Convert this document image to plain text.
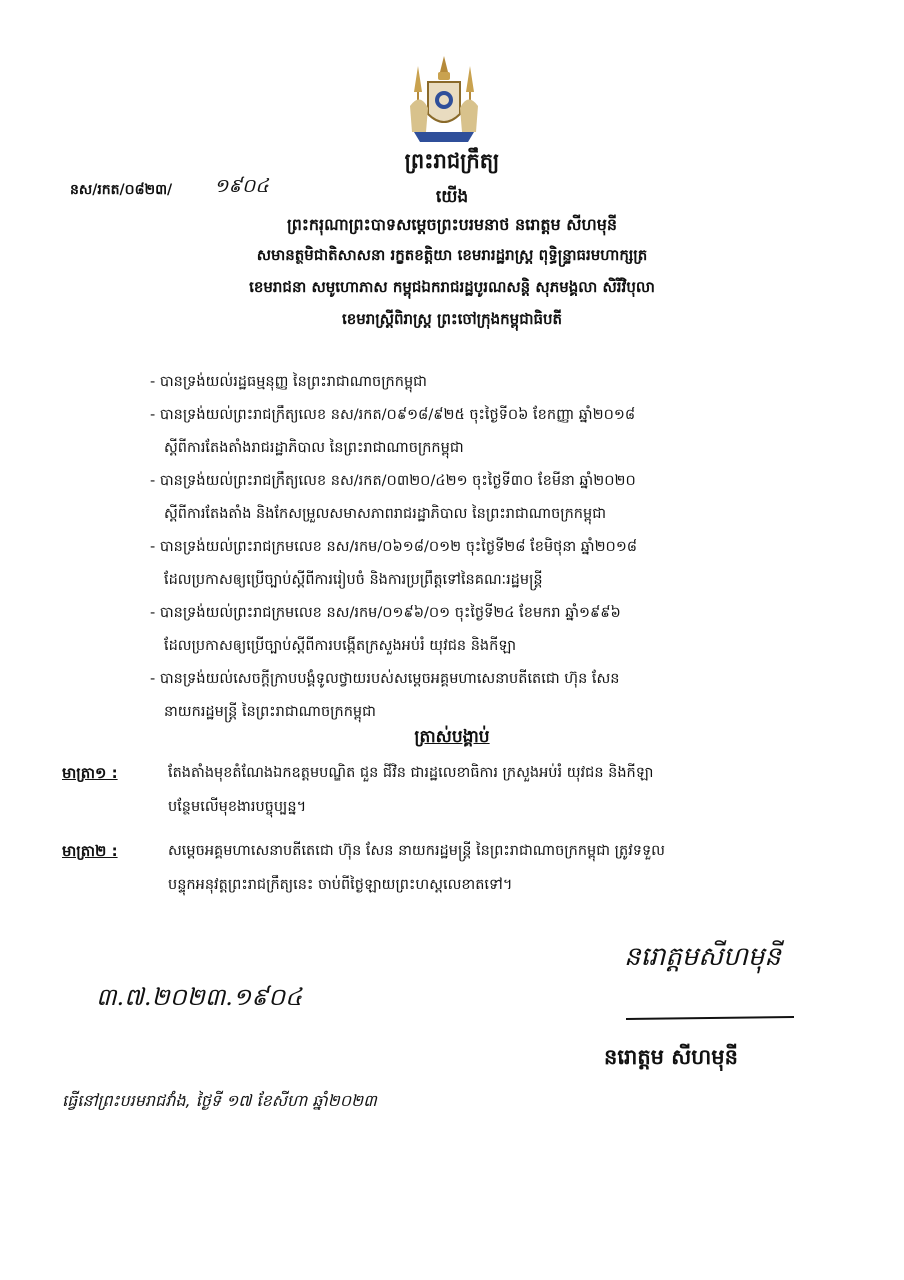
ព្រះរាជក្រឹត្យ
នស/រកត/០៨២៣/ ១៩០៤	យើង
ព្រះករុណាព្រះបាទសម្តេចព្រះបរមនាថ នរោត្តម សីហមុនី
សមានត្ថមិជាតិសាសនា រក្ខតខត្តិយា ខេមរារដ្ឋរាស្ត្រ ពុទ្ធិន្ទ្រាធរមហាក្សត្រ
ខេមរាជនា សមូហោភាស កម្ពុជឯករាជរដ្ឋបូរណសន្តិ សុភមង្គលា សិរីវិបុលា
ខេមរាស្ត្រីពិរាស្ត្រ ព្រះចៅក្រុងកម្ពុជាធិបតី
- បានទ្រង់យល់រដ្ឋធម្មនុញ្ញ នៃព្រះរាជាណាចក្រកម្ពុជា
- បានទ្រង់យល់ព្រះរាជក្រឹត្យលេខ នស/រកត/០៩១៨/៩២៥ ចុះថ្ងៃទី០៦ ខែកញ្ញា ឆ្នាំ២០១៨
ស្តីពីការតែងតាំងរាជរដ្ឋាភិបាល នៃព្រះរាជាណាចក្រកម្ពុជា
- បានទ្រង់យល់ព្រះរាជក្រឹត្យលេខ នស/រកត/០៣២០/៤២១ ចុះថ្ងៃទី៣០ ខែមីនា ឆ្នាំ២០២០
ស្តីពីការតែងតាំង និងកែសម្រួលសមាសភាពរាជរដ្ឋាភិបាល នៃព្រះរាជាណាចក្រកម្ពុជា
- បានទ្រង់យល់ព្រះរាជក្រមលេខ នស/រកម/០៦១៨/០១២ ចុះថ្ងៃទី២៨ ខែមិថុនា ឆ្នាំ២០១៨
ដែលប្រកាសឲ្យប្រើច្បាប់ស្តីពីការរៀបចំ និងការប្រព្រឹត្តទៅនៃគណៈរដ្ឋមន្ត្រី
- បានទ្រង់យល់ព្រះរាជក្រមលេខ នស/រកម/០១៩៦/០១ ចុះថ្ងៃទី២៤ ខែមករា ឆ្នាំ១៩៩៦
ដែលប្រកាសឲ្យប្រើច្បាប់ស្តីពីការបង្កើតក្រសួងអប់រំ យុវជន និងកីឡា
- បានទ្រង់យល់សេចក្តីក្រាបបង្គំទូលថ្វាយរបស់សម្តេចអគ្គមហាសេនាបតីតេជោ ហ៊ុន សែន
នាយករដ្ឋមន្ត្រី នៃព្រះរាជាណាចក្រកម្ពុជា
ត្រាស់បង្គាប់
មាត្រា១ :	តែងតាំងមុខតំណែងឯកឧត្តមបណ្ឌិត ជួន ជីវិន ជារដ្ឋលេខាធិការ ក្រសួងអប់រំ យុវជន និងកីឡា
បន្ថែមលើមុខងារបច្ចុប្បន្ន។
មាត្រា២ :	សម្តេចអគ្គមហាសេនាបតីតេជោ ហ៊ុន សែន នាយករដ្ឋមន្ត្រី នៃព្រះរាជាណាចក្រកម្ពុជា ត្រូវទទួល
បន្ទុកអនុវត្តព្រះរាជក្រឹត្យនេះ ចាប់ពីថ្ងៃឡាយព្រះហស្តលេខាតទៅ។
៣.៧.២០២៣.១៩០៤
នរោត្តមសីហមុនី
នរោត្តម សីហមុនី
ធ្វើនៅព្រះបរមរាជវាំង, ថ្ងៃទី ១៧ ខែសីហា ឆ្នាំ២០២៣
